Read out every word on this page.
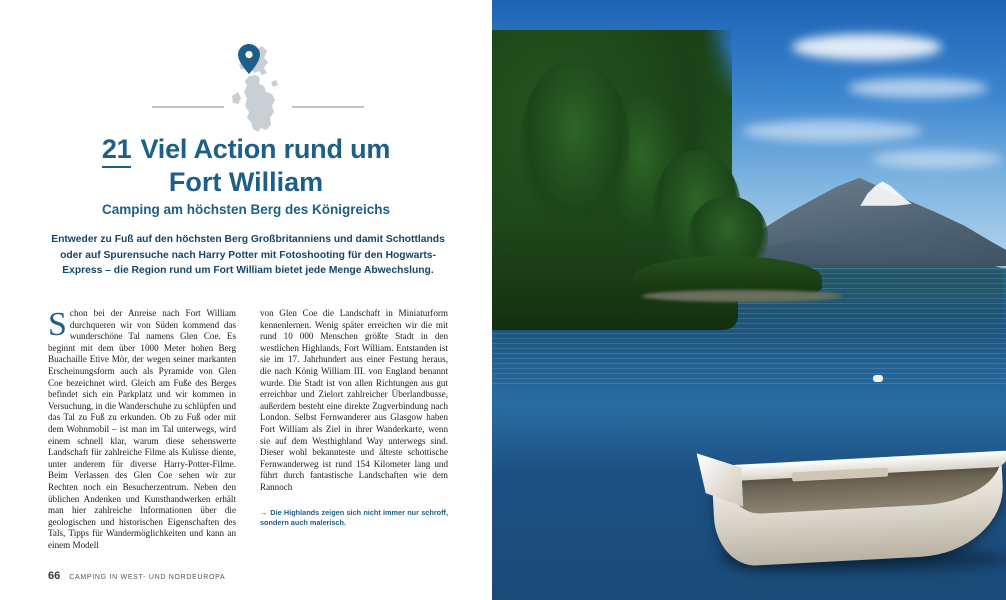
21 Viel Action rund um
Fort William
Camping am höchsten Berg des Königreichs
Entweder zu Fuß auf den höchsten Berg Großbritanniens und damit Schottlands oder auf Spurensuche nach Harry Potter mit Fotoshooting für den Hogwarts-Express – die Region rund um Fort William bietet jede Menge Abwechslung.
S chon bei der Anreise nach Fort William durchqueren wir von Süden kommend das wunderschöne Tal namens Glen Coe. Es beginnt mit dem über 1000 Meter hohen Berg Buachaille Etive Mòr, der wegen seiner markanten Erscheinungsform auch als Pyramide von Glen Coe bezeichnet wird. Gleich am Fuße des Berges befindet sich ein Parkplatz und wir kommen in Versuchung, in die Wanderschuhe zu schlüpfen und das Tal zu Fuß zu erkunden. Ob zu Fuß oder mit dem Wohnmobil – ist man im Tal unterwegs, wird einem schnell klar, warum diese sehenswerte Landschaft für zahlreiche Filme als Kulisse diente, unter anderem für diverse Harry-Potter-Filme. Beim Verlassen des Glen Coe sehen wir zur Rechten noch ein Besucherzentrum. Neben den üblichen Andenken und Kunsthandwerken erhält man hier zahlreiche Informationen über die geologischen und historischen Eigenschaften des Tals, Tipps für Wandermöglichkeiten und kann an einem Modell

von Glen Coe die Landschaft in Miniaturform kennenlernen. Wenig später erreichen wir die mit rund 10 000 Menschen größte Stadt in den westlichen Highlands, Fort William. Entstanden ist sie im 17. Jahrhundert aus einer Festung heraus, die nach König William III. von England benannt wurde. Die Stadt ist von allen Richtungen aus gut erreichbar und Zielort zahlreicher Überlandbusse, außerdem besteht eine direkte Zugverbindung nach London. Selbst Fernwanderer aus Glasgow haben Fort William als Ziel in ihrer Wanderkarte, wenn sie auf dem Westhighland Way unterwegs sind. Dieser wohl bekannteste und älteste schottische Fernwanderweg ist rund 154 Kilometer lang und führt durch fantastische Landschaften wie dem Rannoch

→ Die Highlands zeigen sich nicht immer nur schroff, sondern auch malerisch.
66 CAMPING IN WEST- UND NORDEUROPA
